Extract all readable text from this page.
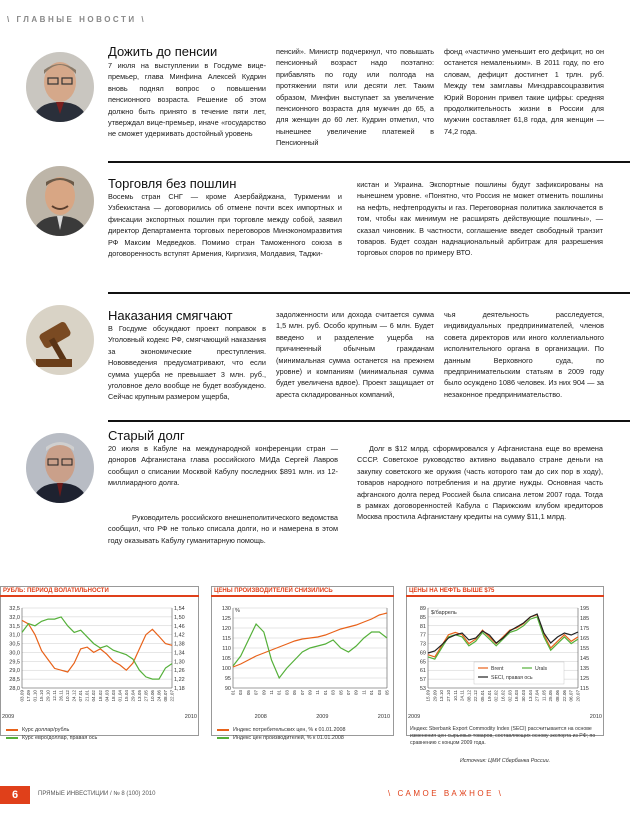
\ ГЛАВНЫЕ НОВОСТИ \
Дожить до пенсии
7 июля на выступлении в Госдуме вице-премьер, глава Минфина Алексей Кудрин вновь поднял вопрос о повышении пенсионного возраста. Решение об этом должно быть принято в течение пяти лет, утверждал вице-премьер, иначе «государство не сможет удерживать достойный уровень
пенсий». Министр подчеркнул, что повышать пенсионный возраст надо поэтапно: прибавлять по году или полгода на протяжении пяти или десяти лет. Таким образом, Минфин выступает за увеличение пенсионного возраста для мужчин до 65, а для женщин до 60 лет. Кудрин отметил, что нынешнее увеличение платежей в Пенсионный
фонд «частично уменьшит его дефицит, но он останется немаленьким». В 2011 году, по его словам, дефицит достигнет 1 трлн. руб. Между тем замглавы Минздравсоцразвития Юрий Воронин привел такие цифры: средняя продолжительность жизни в России для мужчин составляет 61,8 года, для женщин — 74,2 года.
Торговля без пошлин
Восемь стран СНГ — кроме Азербайджана, Туркмении и Узбекистана — договорились об отмене почти всех импортных и финсации экспортных пошлин при торговле между собой, заявил директор Департамента торговых переговоров Минэкономразвития РФ Максим Медведков. Помимо стран Таможенного союза в договоренность вступят Армения, Киргизия, Молдавия, Таджи-
кистан и Украина. Экспортные пошлины будут зафиксированы на нынешнем уровне. «Понятно, что Россия не может отменить пошлины на нефть, нефтепродукты и газ. Переговорная политика заключается в том, чтобы как минимум не расширять действующие пошлины», — сказал чиновник. В частности, соглашение введет свободный транзит товаров. Будет создан наднациональный арбитраж для разрешения торговых споров по примеру ВТО.
Наказания смягчают
В Госдуме обсуждают проект поправок в Уголовный кодекс РФ, смягчающий наказания за экономические преступления. Нововведения предусматривают, что если сумма ущерба не превышает 3 млн. руб., уголовное дело вообще не будет возбуждено. Сейчас крупным размером ущерба,
задолженности или дохода считается сумма 1,5 млн. руб. Особо крупным — 6 млн. Будет введено и разделение ущерба на причиненный обычным гражданам (минимальная сумма останется на прежнем уровне) и компаниям (минимальная сумма будет увеличена вдвое). Проект защищает от ареста складированных компаний,
чья деятельность расследуется, индивидуальных предпринимателей, членов совета директоров или иного коллегиального исполнительного органа в организации. По данным Верховного суда, по предпринимательским статьям в 2009 году было осуждено 1086 человек. Из них 904 — за незаконное предпринимательство.
Старый долг
20 июля в Кабуле на международной конференции стран — доноров Афганистана глава российского МИДа Сергей Лавров сообщил о списании Москвой Кабулу последних $891 млн. из 12-миллиардного долга.
Руководитель российского внешнеполитического ведомства сообщил, что РФ не только списала долги, но и намерена в этом году оказывать Кабулу гуманитарную помощь.
Долг в $12 млрд. сформировался у Афганистана еще во времена СССР. Советское руководство активно выдавало стране деньги на закупку советского же оружия (часть которого там до сих пор в ходу), товаров народного потребления и на другие нужды. Основная часть афганского долга перед Россией была списана летом 2007 года. Тогда в рамках договоренностей Кабула с Парижским клубом кредиторов Москва простила Афганистану кредиты на сумму $11,1 млрд.
РУБЛЬ: ПЕРИОД ВОЛАТИЛЬНОСТИ
32,5
32,0
31,5
31,0
30,5
30,0
29,5
29,0
28,5
28,0
1,54
1,50
1,46
1,42
1,38
1,34
1,30
1,26
1,22
1,18
03.09 17.09 01.10 15.10 29.10 12.11 26.11 10.12 24.12 07.01 21.01 04.02 18.02 04.03 18.03 01.04 15.04 29.04 13.05 27.05 10.06 24.06 08.07 22.07
2009	2010
Курс доллар/рубль
Курс евро/доллар, правая ось
ЦЕНЫ ПРОИЗВОДИТЕЛЕЙ СНИЗИЛИСЬ
130
125
120
115
110
105
100
95
90
01 03 05 07 09 11 01 03 05 07 09 11 01 03 05 07 09 11 01 03 05
2008	2009	2010
%
Индекс потребительских цен, % к 01.01.2008
Индекс цен производителей, % к 01.01.2008
ЦЕНЫ НА НЕФТЬ ВЫШЕ $75
89
85
81
77
73
69
65
61
57
53
195
185
175
165
155
145
135
125
115
15.09 29.09 13.10 27.10 10.11 24.11 08.12 22.12 05.01 19.01 02.02 16.02 02.03 16.03 30.03 13.04 27.04 11.05 25.05 08.06 22.06 06.07 20.07
2009	2010
$/баррель
Brent	Urals
SECI, правая ось
Индекс Sberbank Export Commodity Index (SECI) рассчитывается на основе изменения цен сырьевых товаров, составляющих основу экспорта из РФ; по сравнению с концом 2009 года.
Источник: ЦМИ Сбербанка России.
6	ПРЯМЫЕ ИНВЕСТИЦИИ / № 8 (100) 2010	\ САМОЕ ВАЖНОЕ \
